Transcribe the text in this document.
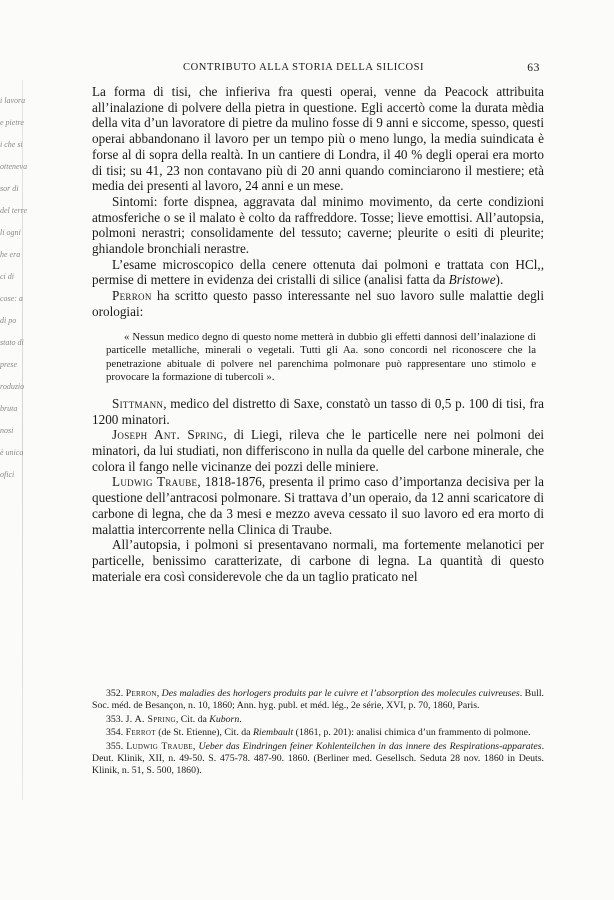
i lavora
e pietre
i che si
otteneva
sor di
del terre
li ogni
he era
ci di
cose: a
di po
stato di
prese
roduzio
bruta
nosi
è unica
ofici
CONTRIBUTO ALLA STORIA DELLA SILICOSI	63

La forma di tisi, che infieriva fra questi operai, venne da Peacock attribuita all’inalazione di polvere della pietra in questione. Egli accertò come la durata mèdia della vita d’un lavoratore di pietre da mulino fosse di 9 anni e siccome, spesso, questi operai abbandonano il lavoro per un tempo più o meno lungo, la media suindicata è forse al di sopra della realtà. In un cantiere di Londra, il 40 % degli operai era morto di tisi; su 41, 23 non contavano più di 20 anni quando cominciarono il mestiere; età media dei presenti al lavoro, 24 anni e un mese.

Sintomi: forte dispnea, aggravata dal minimo movimento, da certe condizioni atmosferiche o se il malato è colto da raffreddore. Tosse; lieve emottisi. All’autopsia, polmoni nerastri; consolidamente del tessuto; caverne; pleurite o esiti di pleurite; ghiandole bronchiali nerastre.

L’esame microscopico della cenere ottenuta dai polmoni e trattata con HCl,, permise di mettere in evidenza dei cristalli di silice (analisi fatta da Bristowe).

Perron ha scritto questo passo interessante nel suo lavoro sulle malattie degli orologiai:

« Nessun medico degno di questo nome metterà in dubbio gli effetti dannosi dell’inalazione di particelle metalliche, minerali o vegetali. Tutti gli Aa. sono concordi nel riconoscere che la penetrazione abituale di polvere nel parenchima polmonare può rappresentare uno stimolo e provocare la formazione di tubercoli ».

Sittmann, medico del distretto di Saxe, constatò un tasso di 0,5 p. 100 di tisi, fra 1200 minatori.

Joseph Ant. Spring, di Liegi, rileva che le particelle nere nei polmoni dei minatori, da lui studiati, non differiscono in nulla da quelle del carbone minerale, che colora il fango nelle vicinanze dei pozzi delle miniere.

Ludwig Traube, 1818-1876, presenta il primo caso d’importanza decisiva per la questione dell’antracosi polmonare. Si trattava d’un operaio, da 12 anni scaricatore di carbone di legna, che da 3 mesi e mezzo aveva cessato il suo lavoro ed era morto di malattia intercorrente nella Clinica di Traube.

All’autopsia, i polmoni si presentavano normali, ma fortemente melanotici per particelle, benissimo caratterizate, di carbone di legna. La quantità di questo materiale era così considerevole che da un taglio praticato nel

352. Perron, Des maladies des horlogers produits par le cuivre et l’absorption des molecules cuivreuses. Bull. Soc. méd. de Besançon, n. 10, 1860; Ann. hyg. publ. et méd. lég., 2e série, XVI, p. 70, 1860, Paris.

353. J. A. Spring, Cit. da Kuborn.

354. Ferrot (de St. Etienne), Cit. da Riembault (1861, p. 201): analisi chimica d’un frammento di polmone.

355. Ludwig Traube, Ueber das Eindringen feiner Kohlenteilchen in das innere des Respirations-apparates. Deut. Klinik, XII, n. 49-50. S. 475-78. 487-90. 1860. (Berliner med. Gesellsch. Seduta 28 nov. 1860 in Deuts. Klinik, n. 51, S. 500, 1860).
